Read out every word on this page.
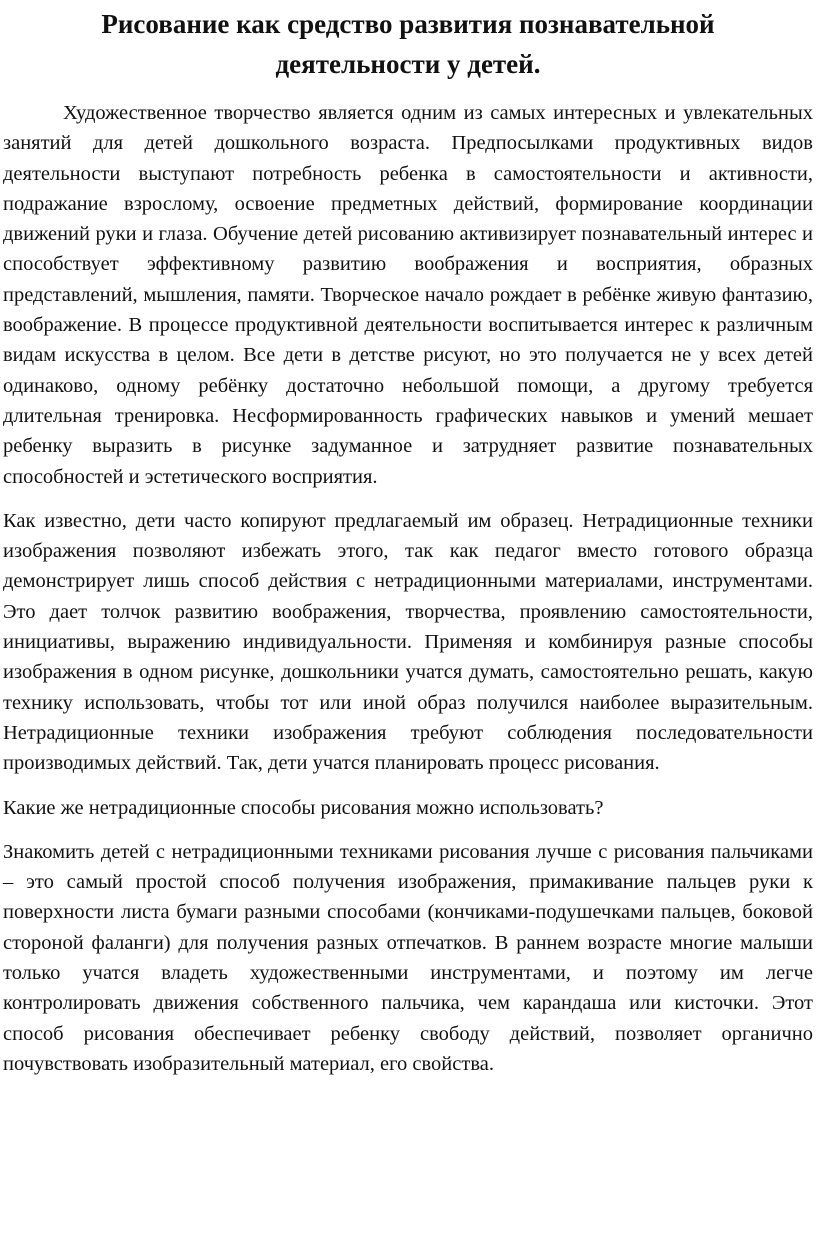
Рисование как средство развития познавательной деятельности у детей.

Художественное творчество является одним из самых интересных и увлекательных занятий для детей дошкольного возраста. Предпосылками продуктивных видов деятельности выступают потребность ребенка в самостоятельности и активности, подражание взрослому, освоение предметных действий, формирование координации движений руки и глаза. Обучение детей рисованию активизирует познавательный интерес и способствует эффективному развитию воображения и восприятия, образных представлений, мышления, памяти. Творческое начало рождает в ребёнке живую фантазию, воображение. В процессе продуктивной деятельности воспитывается интерес к различным видам искусства в целом. Все дети в детстве рисуют, но это получается не у всех детей одинаково, одному ребёнку достаточно небольшой помощи, а другому требуется длительная тренировка. Несформированность графических навыков и умений мешает ребенку выразить в рисунке задуманное и затрудняет развитие познавательных способностей и эстетического восприятия.

Как известно, дети часто копируют предлагаемый им образец. Нетрадиционные техники изображения позволяют избежать этого, так как педагог вместо готового образца демонстрирует лишь способ действия с нетрадиционными материалами, инструментами. Это дает толчок развитию воображения, творчества, проявлению самостоятельности, инициативы, выражению индивидуальности. Применяя и комбинируя разные способы изображения в одном рисунке, дошкольники учатся думать, самостоятельно решать, какую технику использовать, чтобы тот или иной образ получился наиболее выразительным. Нетрадиционные техники изображения требуют соблюдения последовательности производимых действий. Так, дети учатся планировать процесс рисования.

Какие же нетрадиционные способы рисования можно использовать?

Знакомить детей с нетрадиционными техниками рисования лучше с рисования пальчиками – это самый простой способ получения изображения, примакивание пальцев руки к поверхности листа бумаги разными способами (кончиками-подушечками пальцев, боковой стороной фаланги) для получения разных отпечатков. В раннем возрасте многие малыши только учатся владеть художественными инструментами, и поэтому им легче контролировать движения собственного пальчика, чем карандаша или кисточки. Этот способ рисования обеспечивает ребенку свободу действий, позволяет органично почувствовать изобразительный материал, его свойства.
